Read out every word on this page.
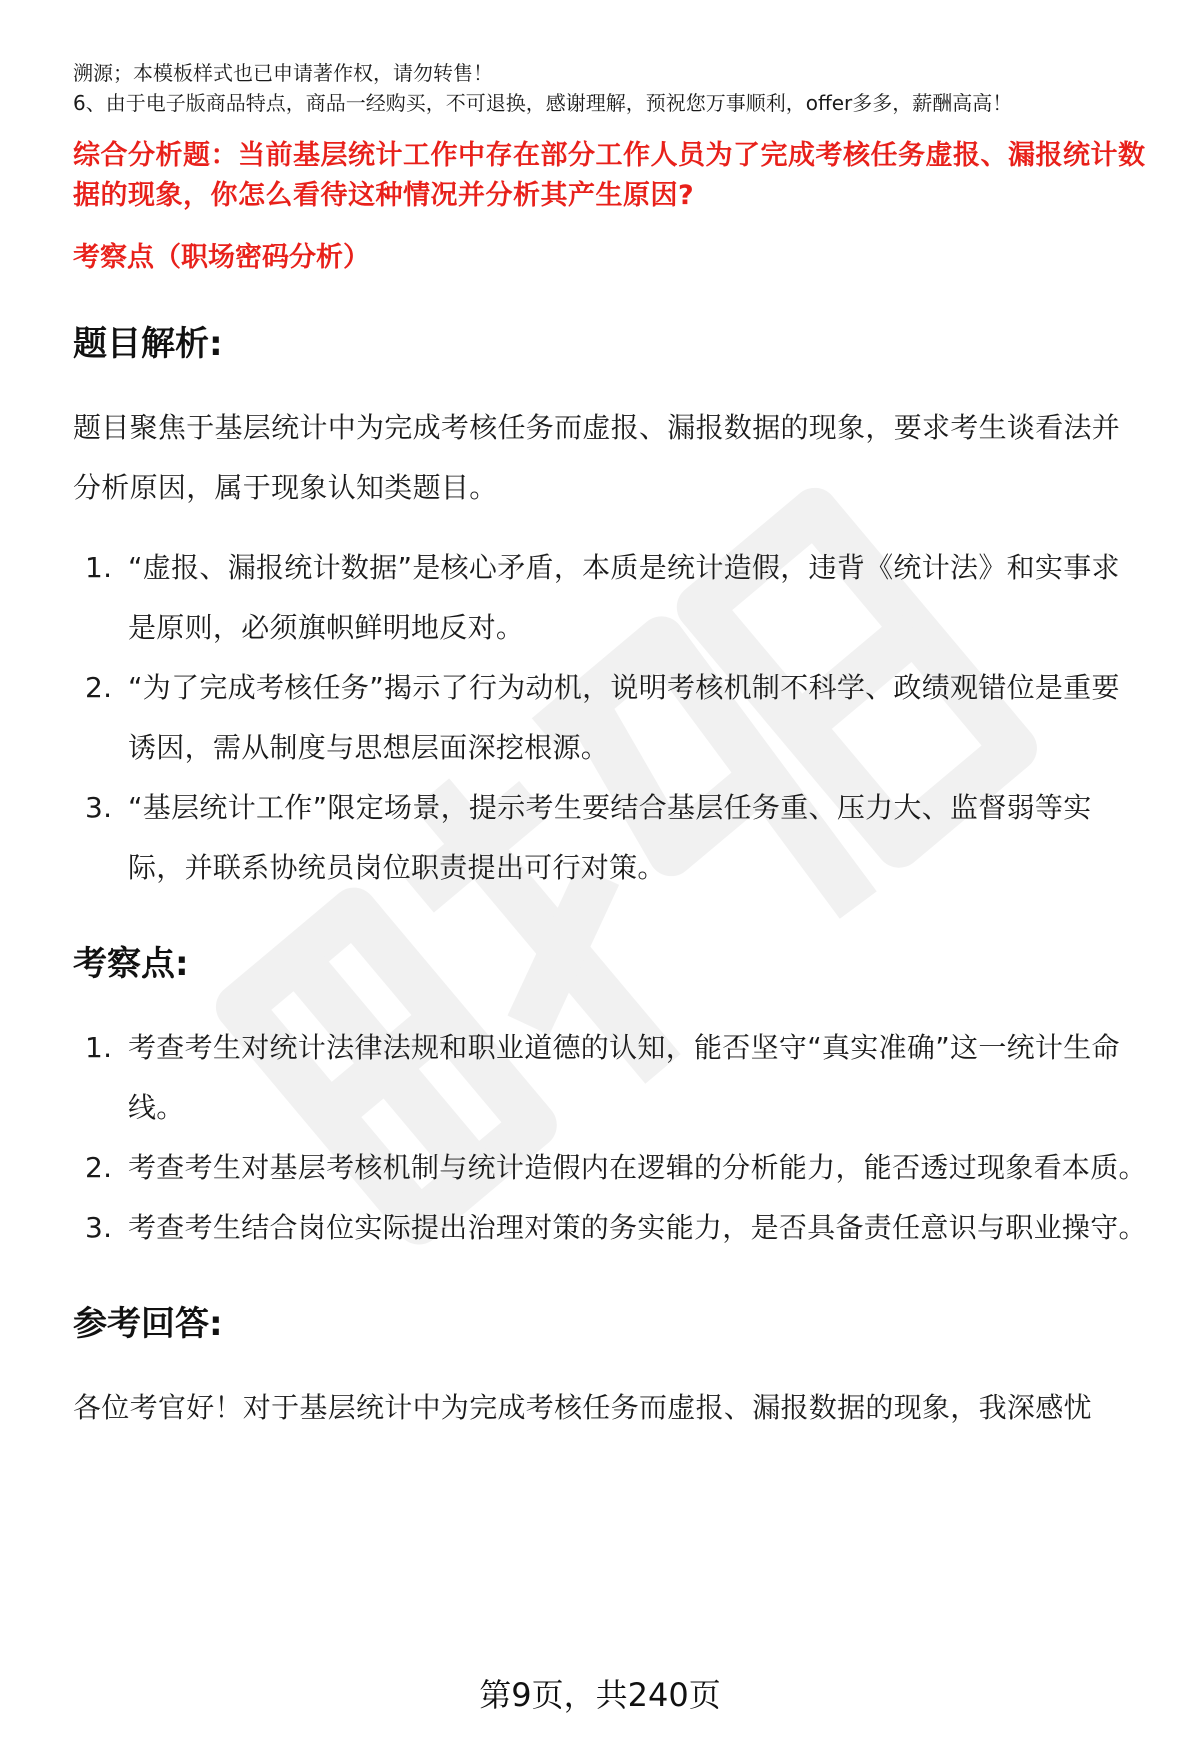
溯源；本模板样式也已申请著作权，请勿转售！

6、由于电子版商品特点，商品一经购买，不可退换，感谢理解，预祝您万事顺利，offer多多，薪酬高高！

综合分析题：当前基层统计工作中存在部分工作人员为了完成考核任务虚报、漏报统计数据的现象，你怎么看待这种情况并分析其产生原因?

考察点（职场密码分析）

题目解析:

题目聚焦于基层统计中为完成考核任务而虚报、漏报数据的现象，要求考生谈看法并分析原因，属于现象认知类题目。

1. “虚报、漏报统计数据”是核心矛盾，本质是统计造假，违背《统计法》和实事求是原则，必须旗帜鲜明地反对。
2. “为了完成考核任务”揭示了行为动机，说明考核机制不科学、政绩观错位是重要诱因，需从制度与思想层面深挖根源。
3. “基层统计工作”限定场景，提示考生要结合基层任务重、压力大、监督弱等实际，并联系协统员岗位职责提出可行对策。
考察点:
1. 考查考生对统计法律法规和职业道德的认知，能否坚守“真实准确”这一统计生命线。
2. 考查考生对基层考核机制与统计造假内在逻辑的分析能力，能否透过现象看本质。
3. 考查考生结合岗位实际提出治理对策的务实能力，是否具备责任意识与职业操守。
参考回答:

各位考官好！对于基层统计中为完成考核任务而虚报、漏报数据的现象，我深感忧

第9页，共240页
